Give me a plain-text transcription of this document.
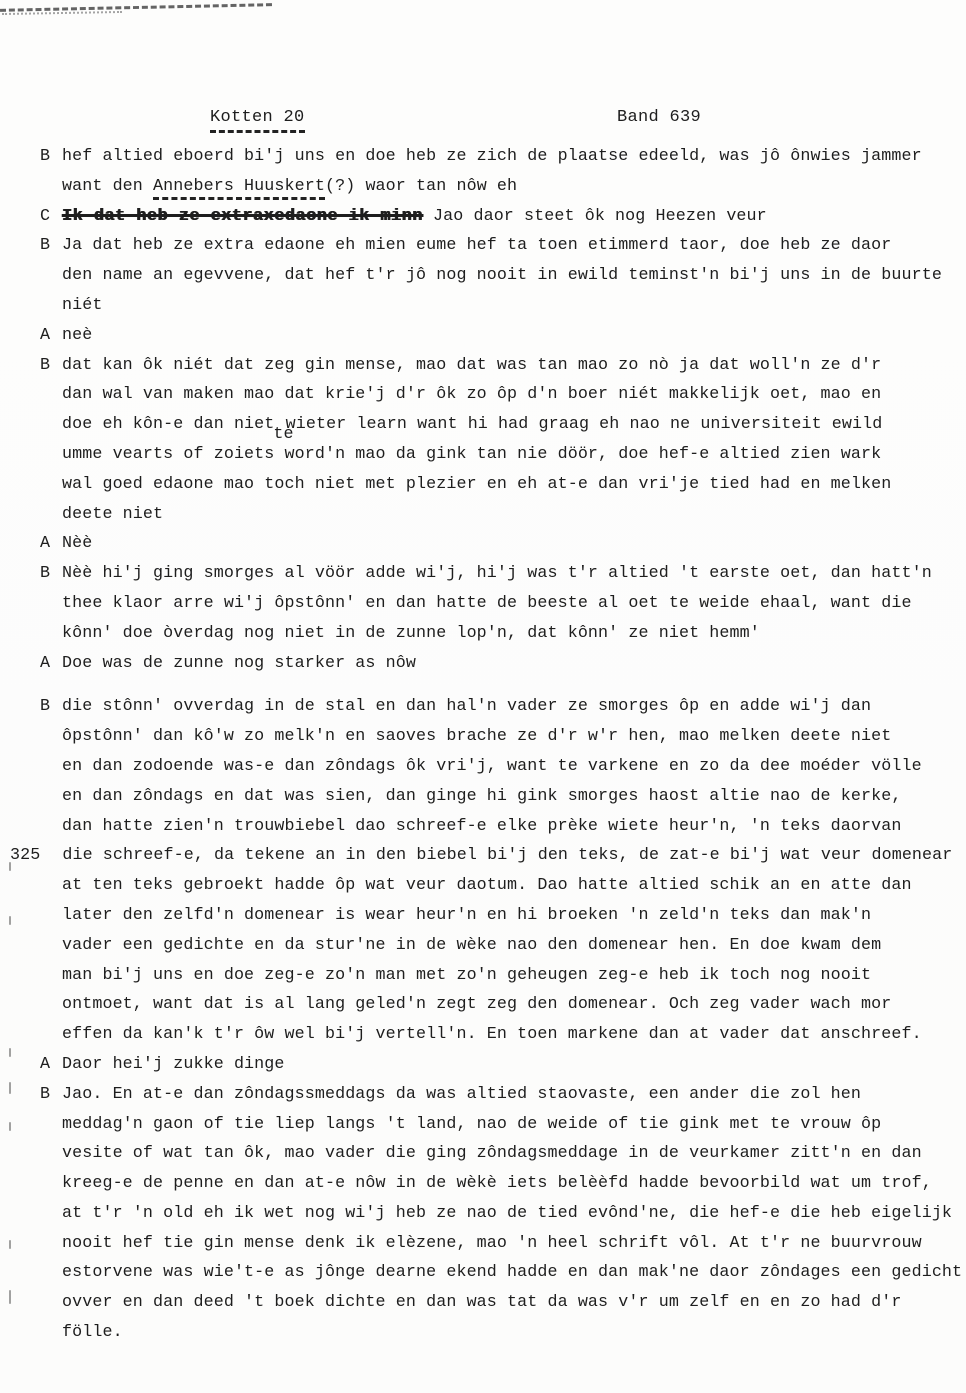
Kotten 20	Band 639
B hef altied eboerd bi'j uns en doe heb ze zich de plaatse edeeld, was jô ônwies jammer
want den Annebers Huuskert(?) waor tan nôw eh
C Ik dat heb ze extraxedaone ik minn Jao daor steet ôk nog Heezen veur
B Ja dat heb ze extra edaone eh mien eume hef ta toen etimmerd taor, doe heb ze daor
den name an egevvene, dat hef t'r jô nog nooit in ewild teminst'n bi'j uns in de buurte
niét
A neè
B dat kan ôk niét dat zeg gin mense, mao dat was tan mao zo nò ja dat woll'n ze d'r
dan wal van maken mao dat krie'j d'r ôk zo ôp d'n boer niét makkelijk oet, mao en
doe eh kôn-e dan niettewieter learn want hi had graag eh nao ne universiteit ewild
umme vearts of zoiets word'n mao da gink tan nie döör, doe hef-e altied zien wark
wal goed edaone mao toch niet met plezier en eh at-e dan vri'je tied had en melken
deete niet
A Nèè
B Nèè hi'j ging smorges al vöör adde wi'j, hi'j was t'r altied 't earste oet, dan hatt'n
thee klaor arre wi'j ôpstônn' en dan hatte de beeste al oet te weide ehaal, want die
kônn' doe òverdag nog niet in de zunne lop'n, dat kônn' ze niet hemm'
A Doe was de zunne nog starker as nôw
B die stônn' ovverdag in de stal en dan hal'n vader ze smorges ôp en adde wi'j dan
ôpstônn' dan kô'w zo melk'n en saoves brache ze d'r w'r hen, mao melken deete niet
en dan zodoende was-e dan zôndags ôk vri'j, want te varkene en zo da dee moéder völle
en dan zôndags en dat was sien, dan ginge hi gink smorges haost altie nao de kerke,
dan hatte zien'n trouwbiebel dao schreef-e elke prèke wiete heur'n, 'n teks daorvan
325 die schreef-e, da tekene an in den biebel bi'j den teks, de zat-e bi'j wat veur domenear
at ten teks gebroekt hadde ôp wat veur daotum. Dao hatte altied schik an en atte dan
later den zelfd'n domenear is wear heur'n en hi broeken 'n zeld'n teks dan mak'n
vader een gedichte en da stur'ne in de wèke nao den domenear hen. En doe kwam dem
man bi'j uns en doe zeg-e zo'n man met zo'n geheugen zeg-e heb ik toch nog nooit
ontmoet, want dat is al lang geled'n zegt zeg den domenear. Och zeg vader wach mor
effen da kan'k t'r ôw wel bi'j vertell'n. En toen markene dan at vader dat anschreef.
A Daor hei'j zukke dinge
B Jao. En at-e dan zôndagssmeddags da was altied staovaste, een ander die zol hen
meddag'n gaon of tie liep langs 't land, nao de weide of tie gink met te vrouw ôp
vesite of wat tan ôk, mao vader die ging zôndagsmeddage in de veurkamer zitt'n en dan
kreeg-e de penne en dan at-e nôw in de wèkè iets belèèfd hadde bevoorbild wat um trof,
at t'r 'n old eh ik wet nog wi'j heb ze nao de tied evônd'ne, die hef-e die heb eigelijk
nooit hef tie gin mense denk ik elèzene, mao 'n heel schrift vôl. At t'r ne buurvrouw
estorvene was wie't-e as jônge dearne ekend hadde en dan mak'ne daor zôndages een gedicht
ovver en dan deed 't boek dichte en dan was tat da was v'r um zelf en en zo had d'r fölle.
